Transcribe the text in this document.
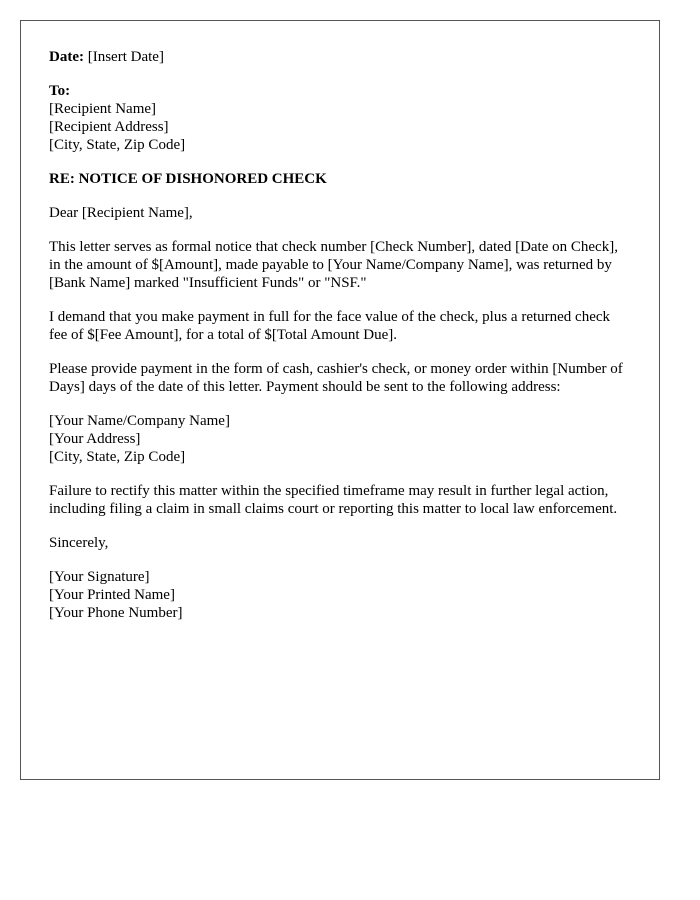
Date: [Insert Date]
To:
[Recipient Name]
[Recipient Address]
[City, State, Zip Code]

RE: NOTICE OF DISHONORED CHECK

Dear [Recipient Name],

This letter serves as formal notice that check number [Check Number], dated [Date on Check], in the amount of $[Amount], made payable to [Your Name/Company Name], was returned by [Bank Name] marked "Insufficient Funds" or "NSF."

I demand that you make payment in full for the face value of the check, plus a returned check fee of $[Fee Amount], for a total of $[Total Amount Due].

Please provide payment in the form of cash, cashier's check, or money order within [Number of Days] days of the date of this letter. Payment should be sent to the following address:

[Your Name/Company Name]
[Your Address]
[City, State, Zip Code]

Failure to rectify this matter within the specified timeframe may result in further legal action, including filing a claim in small claims court or reporting this matter to local law enforcement.

Sincerely,

[Your Signature]
[Your Printed Name]
[Your Phone Number]
